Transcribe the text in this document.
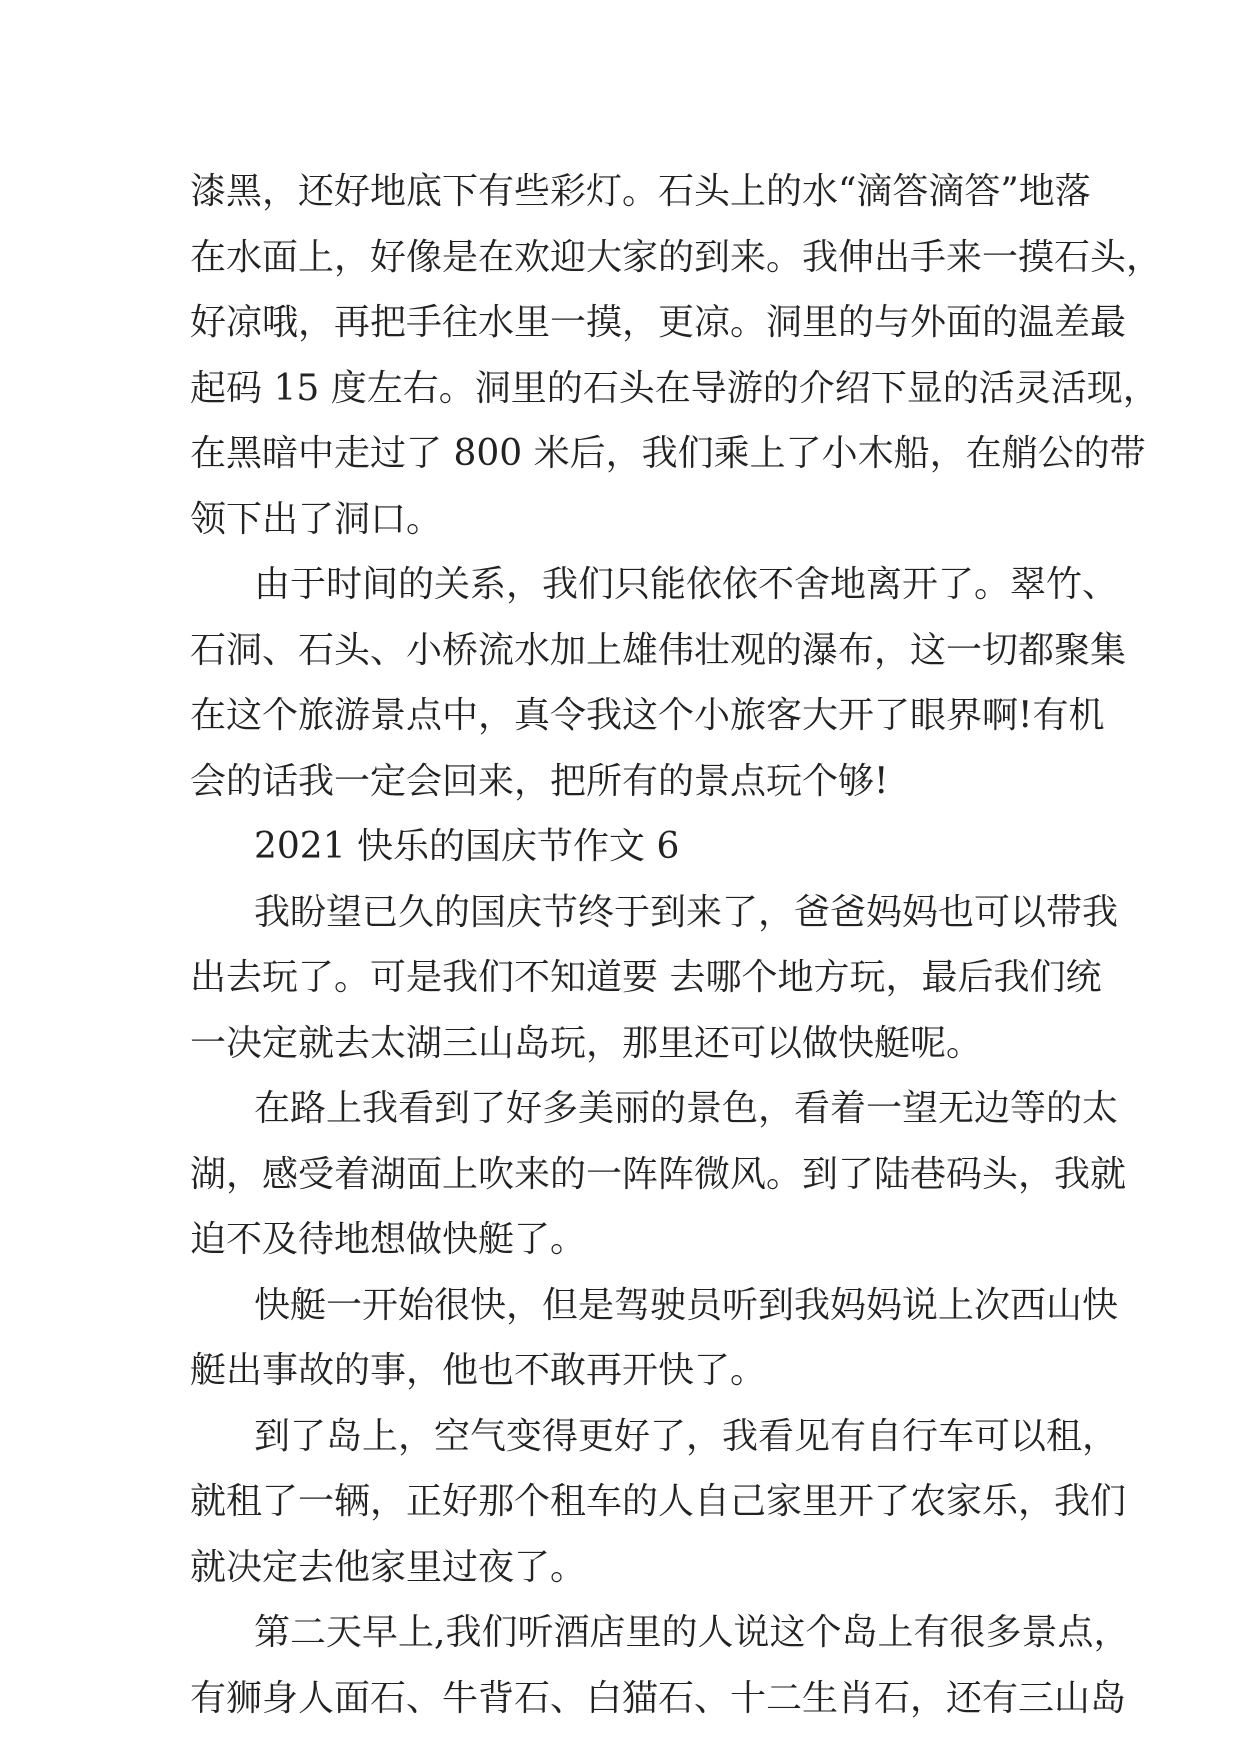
漆黑，还好地底下有些彩灯。石头上的水“滴答滴答”地落
在水面上，好像是在欢迎大家的到来。我伸出手来一摸石头，
好凉哦，再把手往水里一摸，更凉。洞里的与外面的温差最
起码 15 度左右。洞里的石头在导游的介绍下显的活灵活现，
在黑暗中走过了 800 米后，我们乘上了小木船，在艄公的带
领下出了洞口。
由于时间的关系，我们只能依依不舍地离开了。翠竹、
石洞、石头、小桥流水加上雄伟壮观的瀑布，这一切都聚集
在这个旅游景点中，真令我这个小旅客大开了眼界啊!有机
会的话我一定会回来，把所有的景点玩个够!
2021 快乐的国庆节作文 6
我盼望已久的国庆节终于到来了，爸爸妈妈也可以带我
出去玩了。可是我们不知道要 去哪个地方玩，最后我们统
一决定就去太湖三山岛玩，那里还可以做快艇呢。
在路上我看到了好多美丽的景色，看着一望无边等的太
湖，感受着湖面上吹来的一阵阵微风。到了陆巷码头，我就
迫不及待地想做快艇了。
快艇一开始很快，但是驾驶员听到我妈妈说上次西山快
艇出事故的事，他也不敢再开快了。
到了岛上，空气变得更好了，我看见有自行车可以租，
就租了一辆，正好那个租车的人自己家里开了农家乐，我们
就决定去他家里过夜了。
第二天早上,我们听酒店里的人说这个岛上有很多景点，
有狮身人面石、牛背石、白猫石、十二生肖石，还有三山岛
